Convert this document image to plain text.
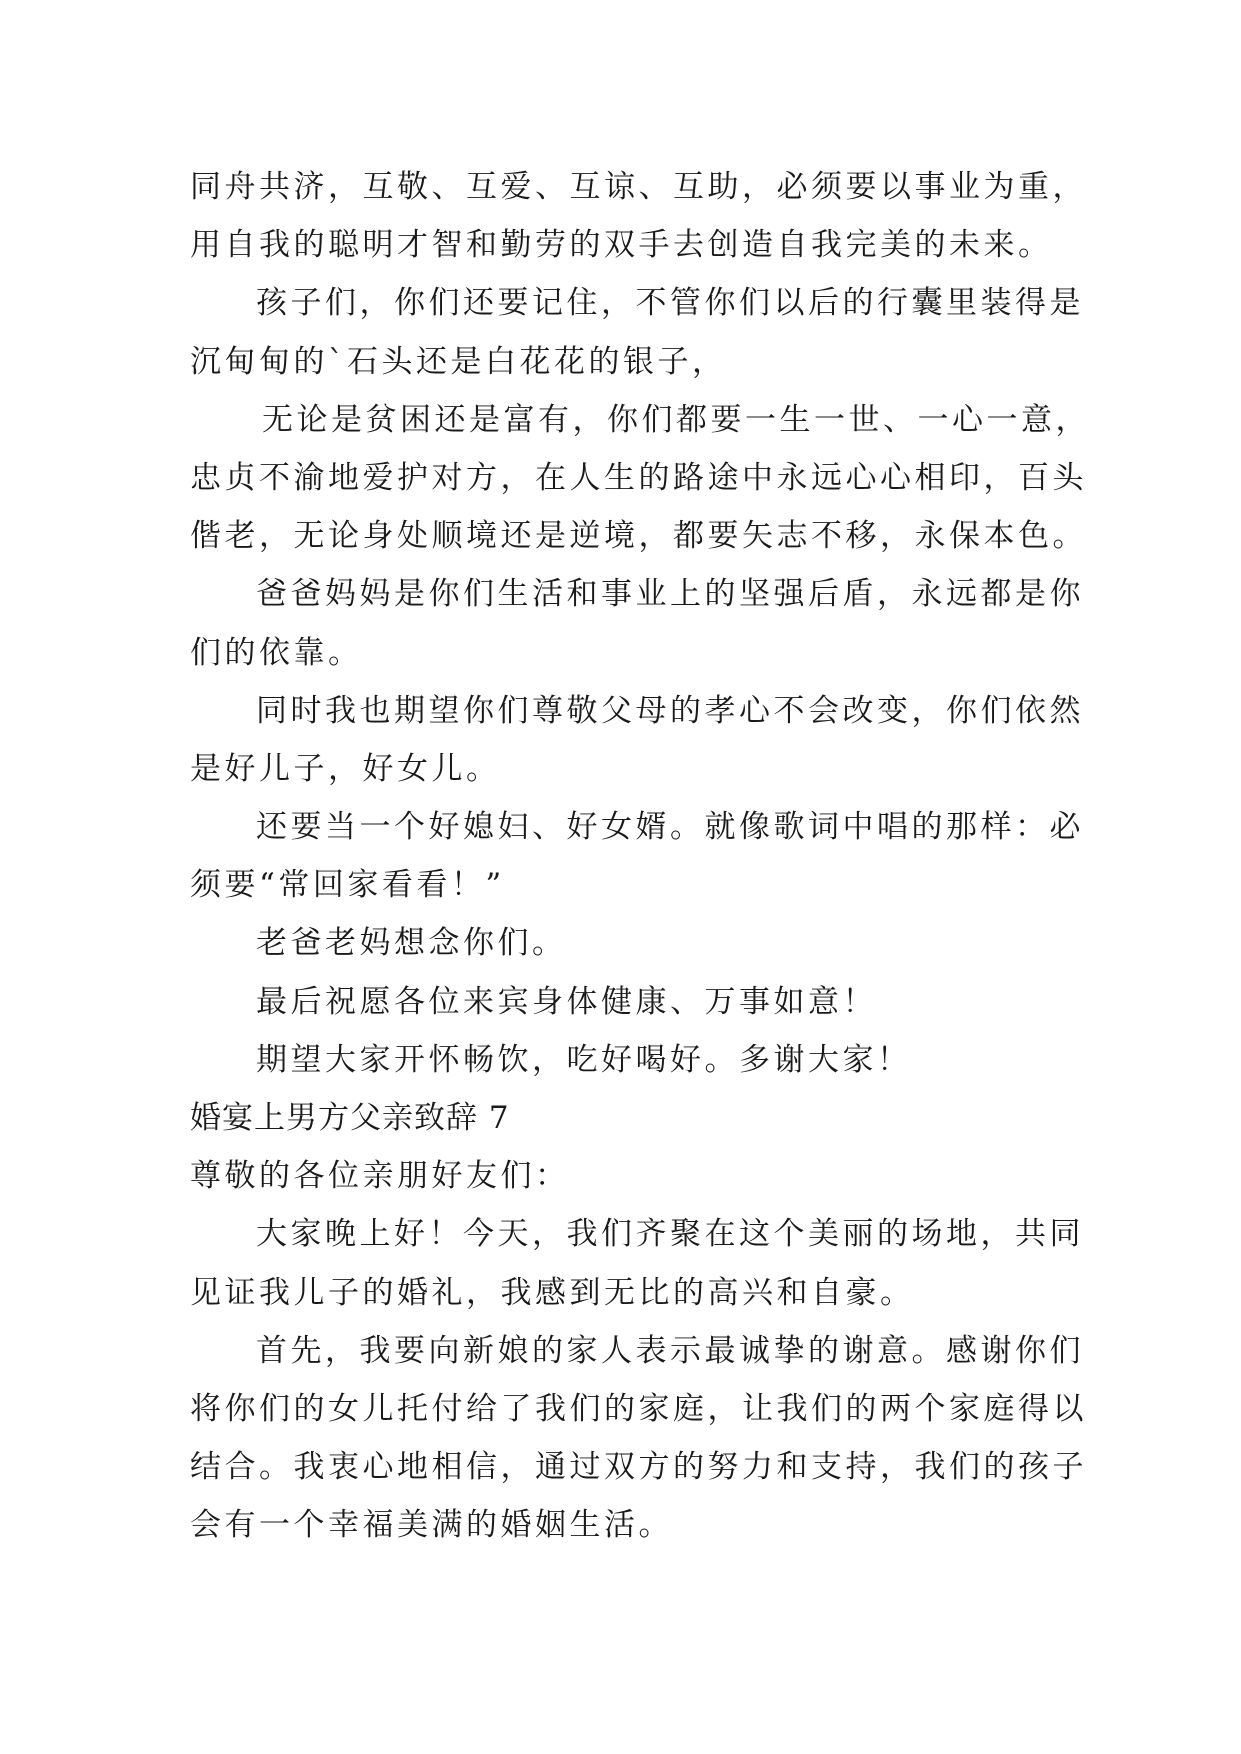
同舟共济，互敬、互爱、互谅、互助，必须要以事业为重，
用自我的聪明才智和勤劳的双手去创造自我完美的未来。
孩子们，你们还要记住，不管你们以后的行囊里装得是
沉甸甸的`石头还是白花花的银子，
无论是贫困还是富有，你们都要一生一世、一心一意，
忠贞不渝地爱护对方，在人生的路途中永远心心相印，百头
偕老，无论身处顺境还是逆境，都要矢志不移，永保本色。
爸爸妈妈是你们生活和事业上的坚强后盾，永远都是你
们的依靠。
同时我也期望你们尊敬父母的孝心不会改变，你们依然
是好儿子，好女儿。
还要当一个好媳妇、好女婿。就像歌词中唱的那样：必
须要“常回家看看！”
老爸老妈想念你们。
最后祝愿各位来宾身体健康、万事如意！
期望大家开怀畅饮，吃好喝好。多谢大家！
婚宴上男方父亲致辞 7
尊敬的各位亲朋好友们：
大家晚上好！今天，我们齐聚在这个美丽的场地，共同
见证我儿子的婚礼，我感到无比的高兴和自豪。
首先，我要向新娘的家人表示最诚挚的谢意。感谢你们
将你们的女儿托付给了我们的家庭，让我们的两个家庭得以
结合。我衷心地相信，通过双方的努力和支持，我们的孩子
会有一个幸福美满的婚姻生活。
